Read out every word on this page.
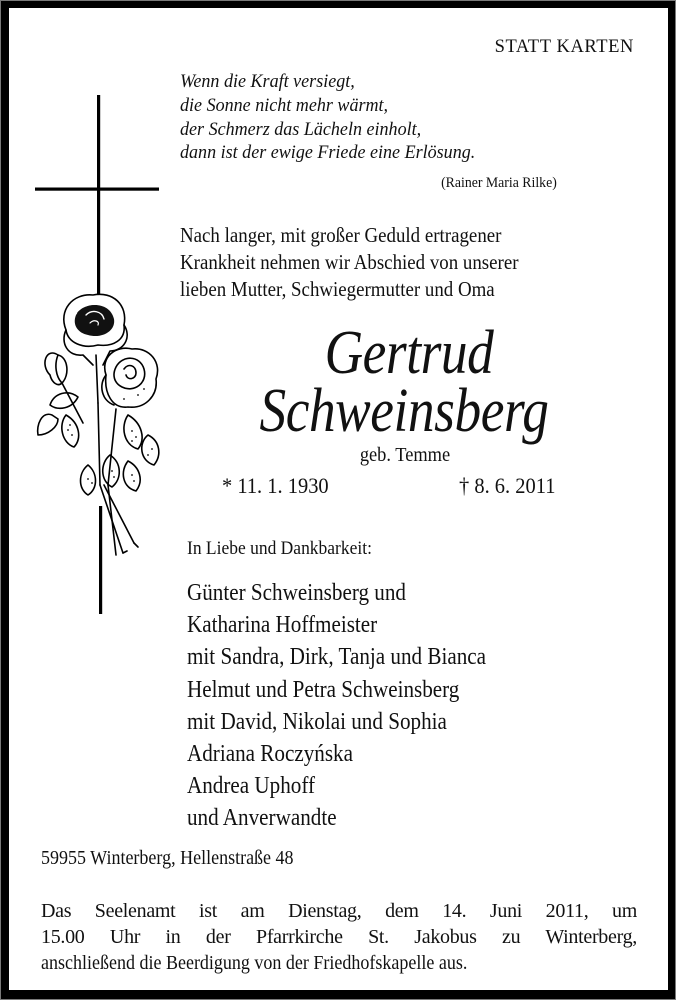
STATT KARTEN
Wenn die Kraft versiegt,
die Sonne nicht mehr wärmt,
der Schmerz das Lächeln einholt,
dann ist der ewige Friede eine Erlösung.
(Rainer Maria Rilke)
Nach langer, mit großer Geduld ertragener
Krankheit nehmen wir Abschied von unserer
lieben Mutter, Schwiegermutter und Oma
Gertrud
Schweinsberg
geb. Temme
* 11. 1. 1930	† 8. 6. 2011
In Liebe und Dankbarkeit:
Günter Schweinsberg und
Katharina Hoffmeister
mit Sandra, Dirk, Tanja und Bianca
Helmut und Petra Schweinsberg
mit David, Nikolai und Sophia
Adriana Roczyńska
Andrea Uphoff
und Anverwandte
59955 Winterberg, Hellenstraße 48
Das Seelenamt ist am Dienstag, dem 14. Juni 2011, um
15.00 Uhr in der Pfarrkirche St. Jakobus zu Winterberg,
anschließend die Beerdigung von der Friedhofskapelle aus.
